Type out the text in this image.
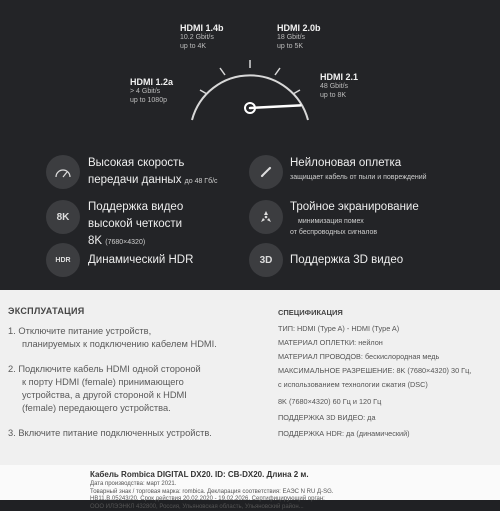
HDMI 1.2a
> 4 Gbit/s
up to 1080p
HDMI 1.4b
10.2 Gbit/s
up to 4K
HDMI 2.0b
18 Gbit/s
up to 5K
HDMI 2.1
48 Gbit/s
up to 8K
Высокая скорость
передачи данных до 48 Гб/с
8K
Поддержка видео
высокой четкости
8K (7680×4320)
HDR Динамический HDR
Нейлоновая оплетка
защищает кабель от пыли и повреждений
Тройное экранирование
минимизация помех
от беспроводных сигналов
3D Поддержка 3D видео
ЭКСПЛУАТАЦИЯ
1. Отключите питание устройств,
планируемых к подключению кабелем HDMI.
2. Подключите кабель HDMI одной стороной
к порту HDMI (female) принимающего
устройства, а другой стороной к HDMI
(female) передающего устройства.
3. Включите питание подключенных устройств.
СПЕЦИФИКАЦИЯ
ТИП: HDMI (Type A) - HDMI (Type A)
МАТЕРИАЛ ОПЛЕТКИ: нейлон
МАТЕРИАЛ ПРОВОДОВ: бескислородная медь
МАКСИМАЛЬНОЕ РАЗРЕШЕНИЕ: 8K (7680×4320) 30 Гц,
с использованием технологии сжатия (DSC)
8K (7680×4320) 60 Гц и 120 Гц
ПОДДЕРЖКА 3D ВИДЕО: да
ПОДДЕРЖКА HDR: да (динамический)
Кабель Rombica DIGITAL DX20. ID: CB-DX20. Длина 2 м.
Дата производства: март 2021.
Товарный знак / торговая марка: rombica. Декларация соответствия: ЕАЭС N RU Д-SG.
НВ11.В.05243/20. Срок действия 20.02.2020 - 19.02.2026. Сертифицирующий орган:
ООО ИЛЭЭНКЛ 432800, Россия, Ульяновская область, Ульяновский район...
